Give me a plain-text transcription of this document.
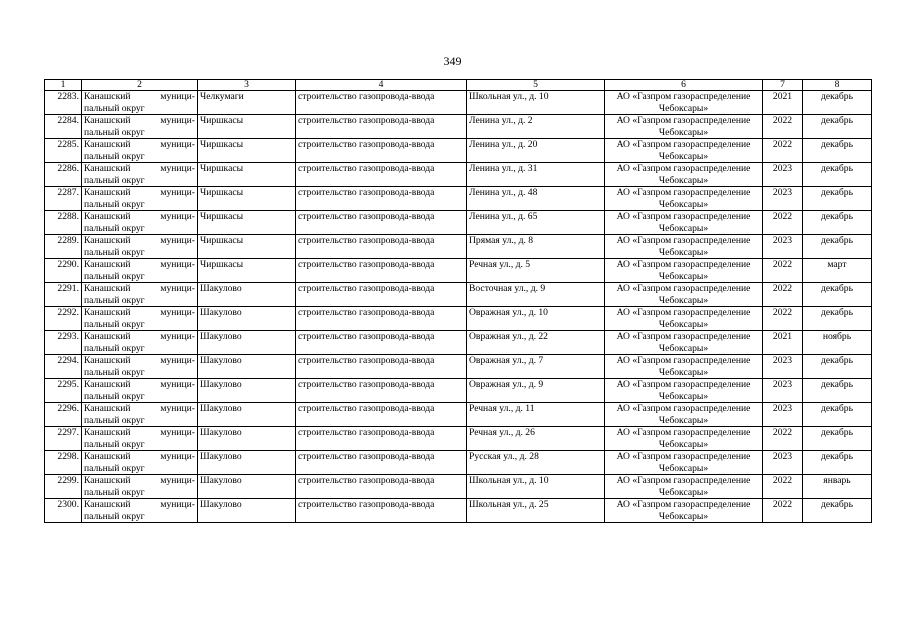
349
1	2	3	4	5	6	7	8
2283.	Канашский муници-пальный округ	Челкумаги	строительство газопровода-ввода	Школьная ул., д. 10	АО «Газпром газораспределение Чебоксары»	2021	декабрь
2284.	Канашский муници-пальный округ	Чиршкасы	строительство газопровода-ввода	Ленина ул., д. 2	АО «Газпром газораспределение Чебоксары»	2022	декабрь
2285.	Канашский муници-пальный округ	Чиршкасы	строительство газопровода-ввода	Ленина ул., д. 20	АО «Газпром газораспределение Чебоксары»	2022	декабрь
2286.	Канашский муници-пальный округ	Чиршкасы	строительство газопровода-ввода	Ленина ул., д. 31	АО «Газпром газораспределение Чебоксары»	2023	декабрь
2287.	Канашский муници-пальный округ	Чиршкасы	строительство газопровода-ввода	Ленина ул., д. 48	АО «Газпром газораспределение Чебоксары»	2023	декабрь
2288.	Канашский муници-пальный округ	Чиршкасы	строительство газопровода-ввода	Ленина ул., д. 65	АО «Газпром газораспределение Чебоксары»	2022	декабрь
2289.	Канашский муници-пальный округ	Чиршкасы	строительство газопровода-ввода	Прямая ул., д. 8	АО «Газпром газораспределение Чебоксары»	2023	декабрь
2290.	Канашский муници-пальный округ	Чиршкасы	строительство газопровода-ввода	Речная ул., д. 5	АО «Газпром газораспределение Чебоксары»	2022	март
2291.	Канашский муници-пальный округ	Шакулово	строительство газопровода-ввода	Восточная ул., д. 9	АО «Газпром газораспределение Чебоксары»	2022	декабрь
2292.	Канашский муници-пальный округ	Шакулово	строительство газопровода-ввода	Овражная ул., д. 10	АО «Газпром газораспределение Чебоксары»	2022	декабрь
2293.	Канашский муници-пальный округ	Шакулово	строительство газопровода-ввода	Овражная ул., д. 22	АО «Газпром газораспределение Чебоксары»	2021	ноябрь
2294.	Канашский муници-пальный округ	Шакулово	строительство газопровода-ввода	Овражная ул., д. 7	АО «Газпром газораспределение Чебоксары»	2023	декабрь
2295.	Канашский муници-пальный округ	Шакулово	строительство газопровода-ввода	Овражная ул., д. 9	АО «Газпром газораспределение Чебоксары»	2023	декабрь
2296.	Канашский муници-пальный округ	Шакулово	строительство газопровода-ввода	Речная ул., д. 11	АО «Газпром газораспределение Чебоксары»	2023	декабрь
2297.	Канашский муници-пальный округ	Шакулово	строительство газопровода-ввода	Речная ул., д. 26	АО «Газпром газораспределение Чебоксары»	2022	декабрь
2298.	Канашский муници-пальный округ	Шакулово	строительство газопровода-ввода	Русская ул., д. 28	АО «Газпром газораспределение Чебоксары»	2023	декабрь
2299.	Канашский муници-пальный округ	Шакулово	строительство газопровода-ввода	Школьная ул., д. 10	АО «Газпром газораспределение Чебоксары»	2022	январь
2300.	Канашский муници-пальный округ	Шакулово	строительство газопровода-ввода	Школьная ул., д. 25	АО «Газпром газораспределение Чебоксары»	2022	декабрь
